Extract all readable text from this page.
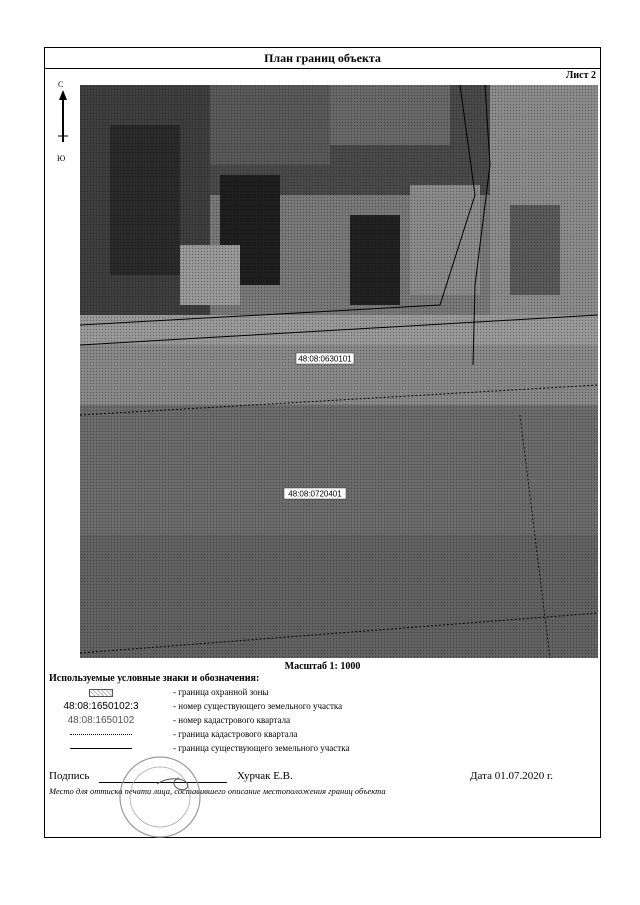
План границ объекта
Лист 2
С
Ю
48:08:0630101
48:08:0720401
Масштаб 1: 1000
Используемые условные знаки и обозначения:
- граница охранной зоны
48:08:1650102:3	- номер существующего земельного участка
48:08:1650102	- номер кадастрового квартала
- граница кадастрового квартала
- граница существующего земельного участка
Подпись	Хурчак Е.В.	Дата 01.07.2020 г.
Место для оттиска печати лица, составившего описание местоположения границ объекта
